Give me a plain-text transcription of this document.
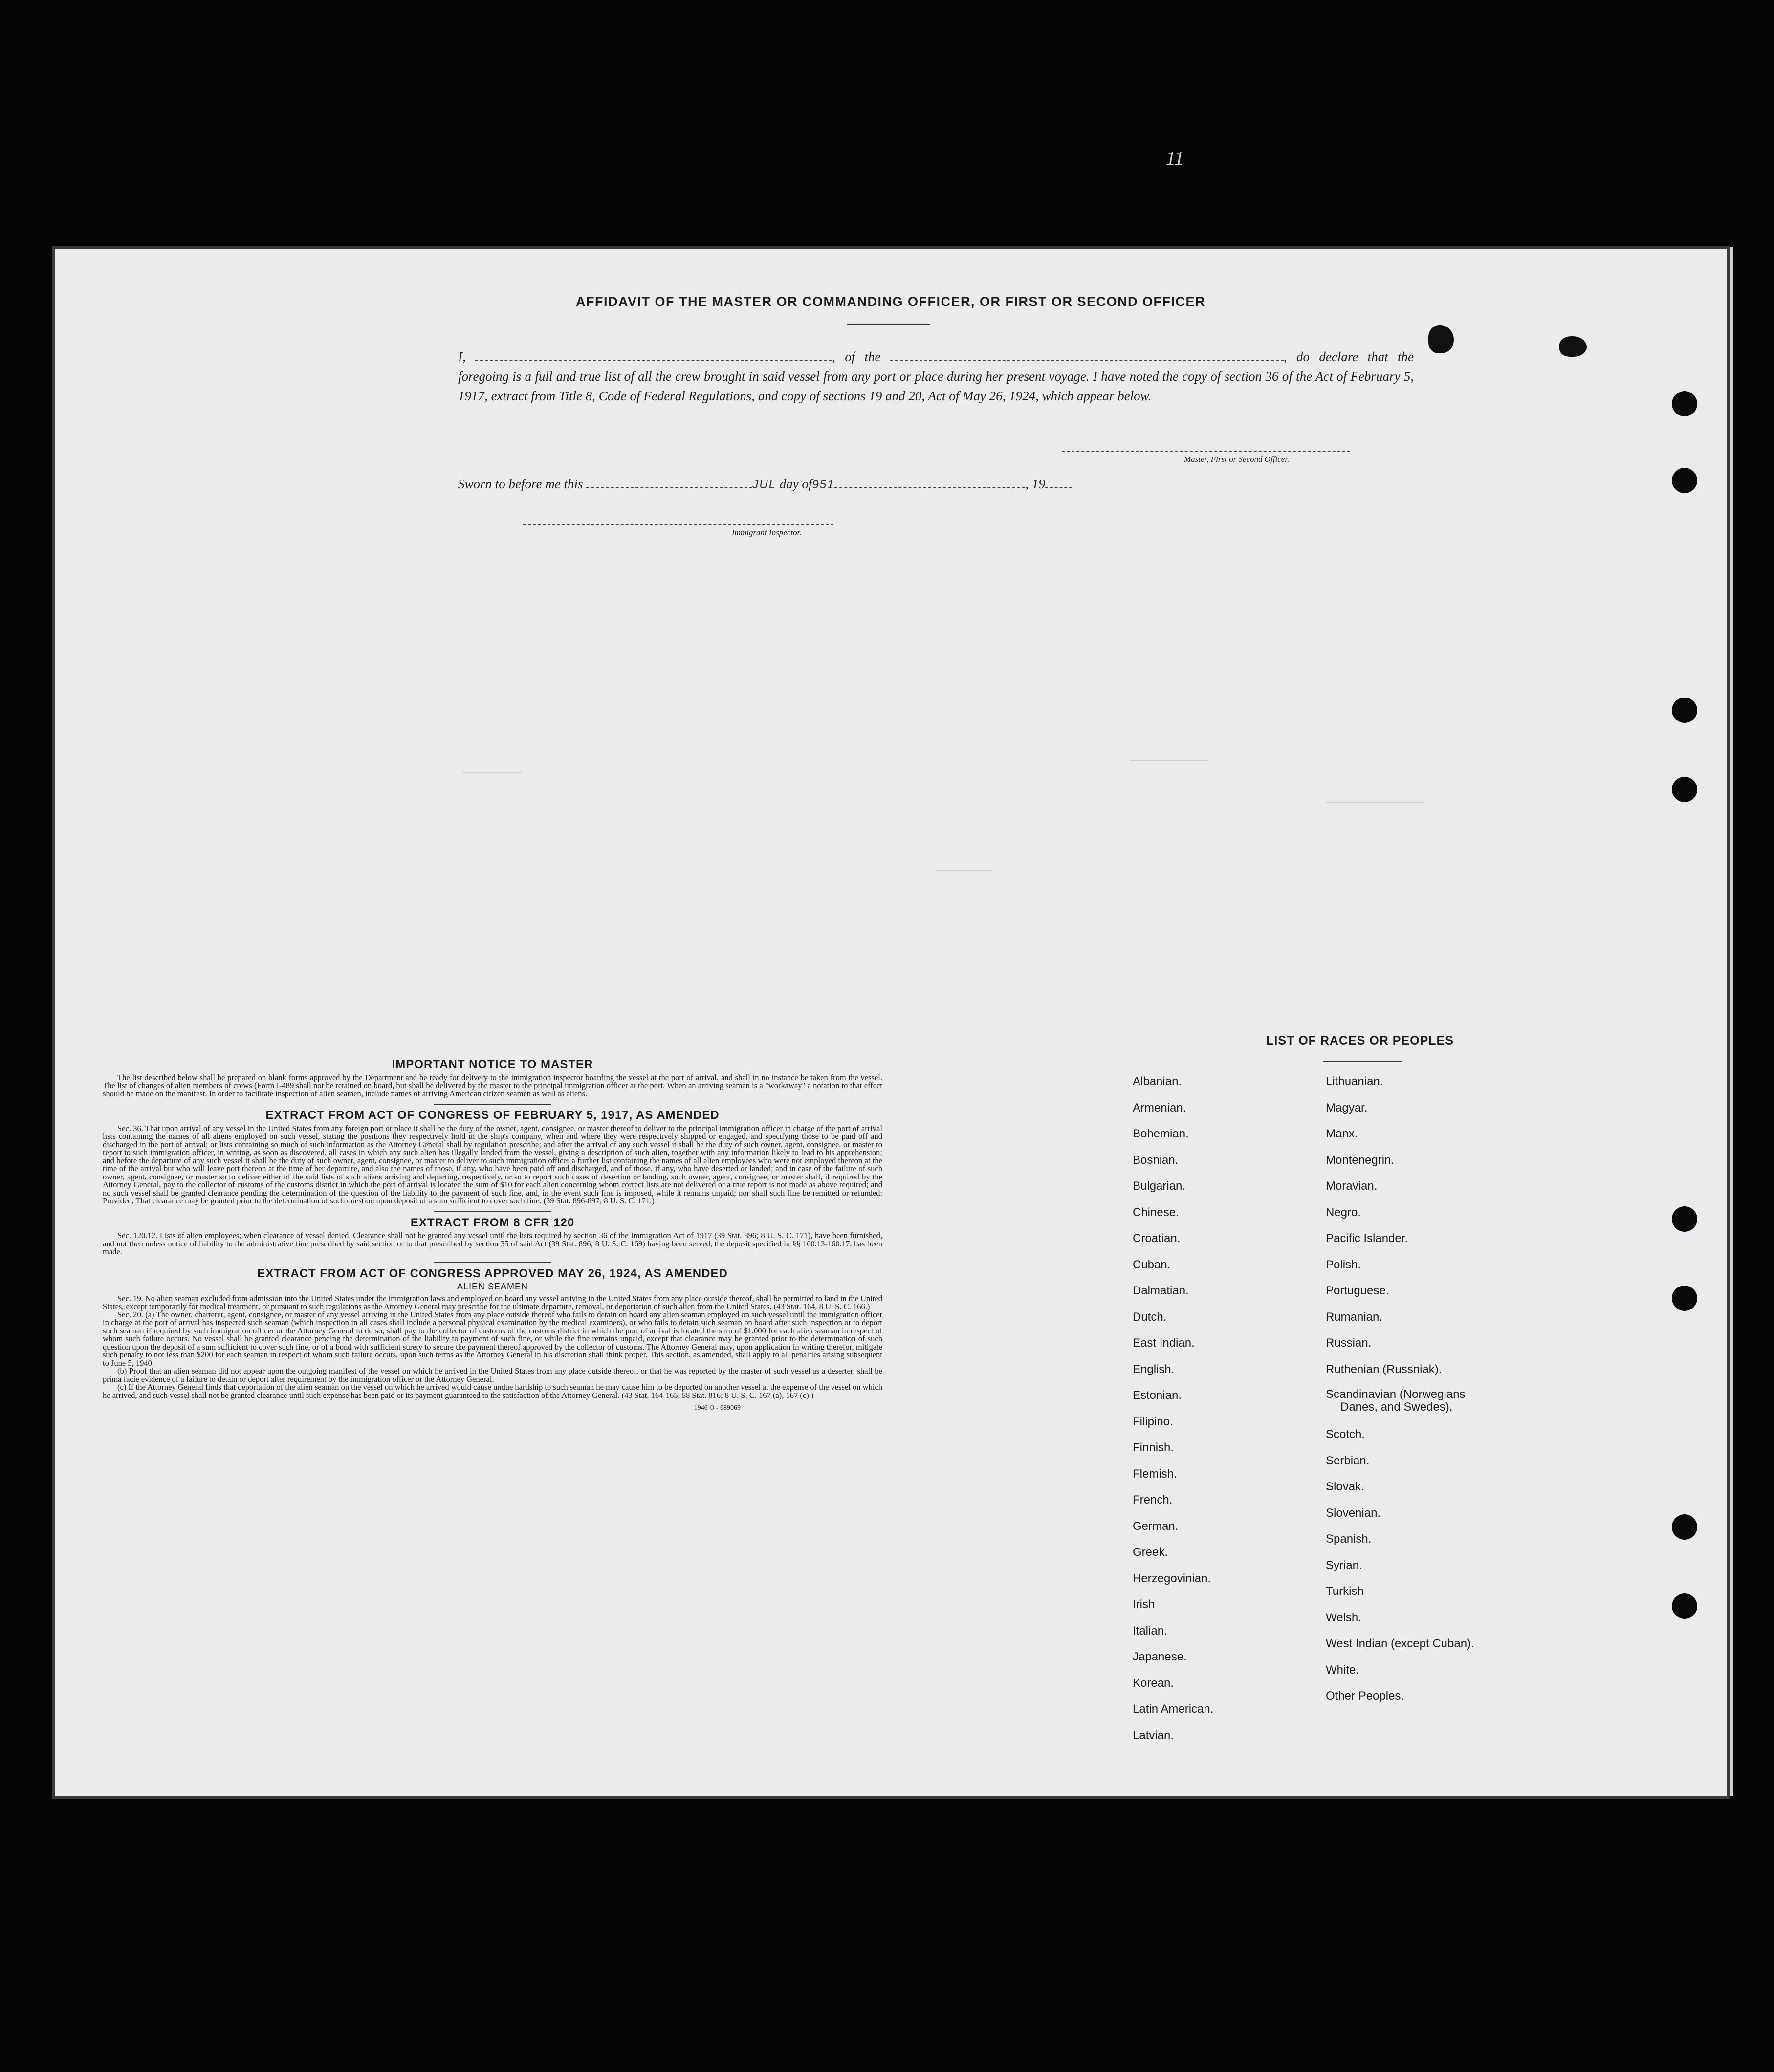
11
AFFIDAVIT OF THE MASTER OR COMMANDING OFFICER, OR FIRST OR SECOND OFFICER
I,	, of the	, do declare that the foregoing is a full and true list of all the crew brought in said vessel from any port or place during her present voyage. I have noted the copy of section 36 of the Act of February 5, 1917, extract from Title 8, Code of Federal Regulations, and copy of sections 19 and 20, Act of May 26, 1924, which appear below.
Master, First or Second Officer.
Sworn to before me this	JUL day of951	, 19
Immigrant Inspector.
IMPORTANT NOTICE TO MASTER

The list described below shall be prepared on blank forms approved by the Department and be ready for delivery to the immigration inspector boarding the vessel at the port of arrival, and shall in no instance be taken from the vessel. The list of changes of alien members of crews (Form I-489 shall not be retained on board, but shall be delivered by the master to the principal immigration officer at the port. When an arriving seaman is a "workaway" a notation to that effect should be made on the manifest. In order to facilitate inspection of alien seamen, include names of arriving American citizen seamen as well as aliens.

EXTRACT FROM ACT OF CONGRESS OF FEBRUARY 5, 1917, AS AMENDED

Sec. 36. That upon arrival of any vessel in the United States from any foreign port or place it shall be the duty of the owner, agent, consignee, or master thereof to deliver to the principal immigration officer in charge of the port of arrival lists containing the names of all aliens employed on such vessel, stating the positions they respectively hold in the ship's company, when and where they were respectively shipped or engaged, and specifying those to be paid off and discharged in the port of arrival; or lists containing so much of such information as the Attorney General shall by regulation prescribe; and after the arrival of any such vessel it shall be the duty of such owner, agent, consignee, or master to report to such immigration officer, in writing, as soon as discovered, all cases in which any such alien has illegally landed from the vessel, giving a description of such alien, together with any information likely to lead to his apprehension; and before the departure of any such vessel it shall be the duty of such owner, agent, consignee, or master to deliver to such immigration officer a further list containing the names of all alien employees who were not employed thereon at the time of the arrival but who will leave port thereon at the time of her departure, and also the names of those, if any, who have been paid off and discharged, and of those, if any, who have deserted or landed; and in case of the failure of such owner, agent, consignee, or master so to deliver either of the said lists of such aliens arriving and departing, respectively, or so to report such cases of desertion or landing, such owner, agent, consignee, or master shall, if required by the Attorney General, pay to the collector of customs of the customs district in which the port of arrival is located the sum of $10 for each alien concerning whom correct lists are not delivered or a true report is not made as above required; and no such vessel shall be granted clearance pending the determination of the question of the liability to the payment of such fine, and, in the event such fine is imposed, while it remains unpaid; nor shall such fine be remitted or refunded: Provided, That clearance may be granted prior to the determination of such question upon deposit of a sum sufficient to cover such fine. (39 Stat. 896-897; 8 U. S. C. 171.)

EXTRACT FROM 8 CFR 120

Sec. 120.12. Lists of alien employees; when clearance of vessel denied. Clearance shall not be granted any vessel until the lists required by section 36 of the Immigration Act of 1917 (39 Stat. 896; 8 U. S. C. 171), have been furnished, and not then unless notice of liability to the administrative fine prescribed by said section or to that prescribed by section 35 of said Act (39 Stat. 896; 8 U. S. C. 169) having been served, the deposit specified in §§ 160.13-160.17, has been made.

EXTRACT FROM ACT OF CONGRESS APPROVED MAY 26, 1924, AS AMENDED
ALIEN SEAMEN

Sec. 19. No alien seaman excluded from admission into the United States under the immigration laws and employed on board any vessel arriving in the United States from any place outside thereof, shall be permitted to land in the United States, except temporarily for medical treatment, or pursuant to such regulations as the Attorney General may prescribe for the ultimate departure, removal, or deportation of such alien from the United States. (43 Stat. 164, 8 U. S. C. 166.)

Sec. 20. (a) The owner, charterer, agent, consignee, or master of any vessel arriving in the United States from any place outside thereof who fails to detain on board any alien seaman employed on such vessel until the immigration officer in charge at the port of arrival has inspected such seaman (which inspection in all cases shall include a personal physical examination by the medical examiners), or who fails to detain such seaman on board after such inspection or to deport such seaman if required by such immigration officer or the Attorney General to do so, shall pay to the collector of customs of the customs district in which the port of arrival is located the sum of $1,000 for each alien seaman in respect of whom such failure occurs. No vessel shall be granted clearance pending the determination of the liability to payment of such fine, or while the fine remains unpaid, except that clearance may be granted prior to the determination of such question upon the deposit of a sum sufficient to cover such fine, or of a bond with sufficient surety to secure the payment thereof approved by the collector of customs. The Attorney General may, upon application in writing therefor, mitigate such penalty to not less than $200 for each seaman in respect of whom such failure occurs, upon such terms as the Attorney General in his discretion shall think proper. This section, as amended, shall apply to all penalties arising subsequent to June 5, 1940.

(b) Proof that an alien seaman did not appear upon the outgoing manifest of the vessel on which he arrived in the United States from any place outside thereof, or that he was reported by the master of such vessel as a deserter, shall be prima facie evidence of a failure to detain or deport after requirement by the immigration officer or the Attorney General.

(c) If the Attorney General finds that deportation of the alien seaman on the vessel on which he arrived would cause undue hardship to such seaman he may cause him to be deported on another vessel at the expense of the vessel on which he arrived, and such vessel shall not be granted clearance until such expense has been paid or its payment guaranteed to the satisfaction of the Attorney General. (43 Stat. 164-165, 58 Stat. 816; 8 U. S. C. 167 (a), 167 (c).)

1946 O - 689069
LIST OF RACES OR PEOPLES
Albanian.
Armenian.
Bohemian.
Bosnian.
Bulgarian.
Chinese.
Croatian.
Cuban.
Dalmatian.
Dutch.
East Indian.
English.
Estonian.
Filipino.
Finnish.
Flemish.
French.
German.
Greek.
Herzegovinian.
Irish
Italian.
Japanese.
Korean.
Latin American.
Latvian.
Lithuanian.
Magyar.
Manx.
Montenegrin.
Moravian.
Negro.
Pacific Islander.
Polish.
Portuguese.
Rumanian.
Russian.
Ruthenian (Russniak).
Scandinavian (Norwegians
Danes, and Swedes).
Scotch.
Serbian.
Slovak.
Slovenian.
Spanish.
Syrian.
Turkish
Welsh.
West Indian (except Cuban).
White.
Other Peoples.
